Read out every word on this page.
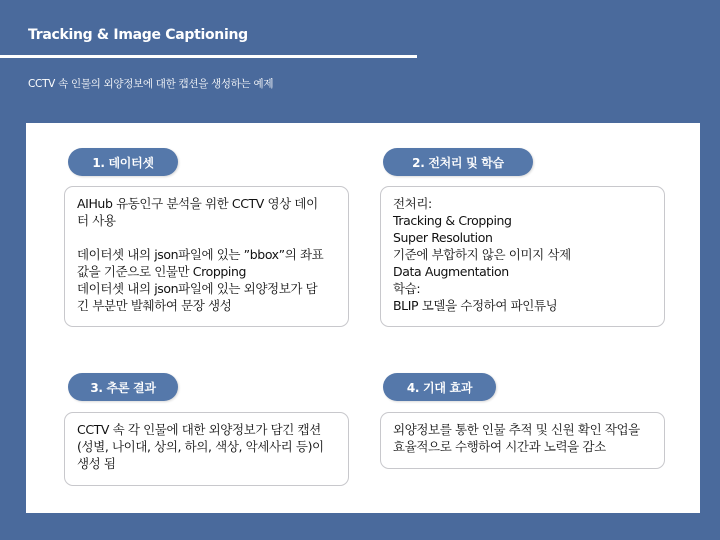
Tracking & Image Captioning
CCTV 속 인물의 외양정보에 대한 캡션을 생성하는 예제
1. 데이터셋

AIHub 유동인구 분석을 위한 CCTV 영상 데이

터 사용

데이터셋 내의 json파일에 있는 ”bbox”의 좌표

값을 기준으로 인물만 Cropping

데이터셋 내의 json파일에 있는 외양정보가 담

긴 부분만 발췌하여 문장 생성

2. 전처리 및 학습

전처리:

Tracking & Cropping

Super Resolution

기준에 부합하지 않은 이미지 삭제

Data Augmentation

학습:

BLIP 모델을 수정하여 파인튜닝

3. 추론 결과

CCTV 속 각 인물에 대한 외양정보가 담긴 캡션

(성별, 나이대, 상의, 하의, 색상, 악세사리 등)이

생성 됨

4. 기대 효과

외양정보를 통한 인물 추적 및 신원 확인 작업을

효율적으로 수행하여 시간과 노력을 감소
